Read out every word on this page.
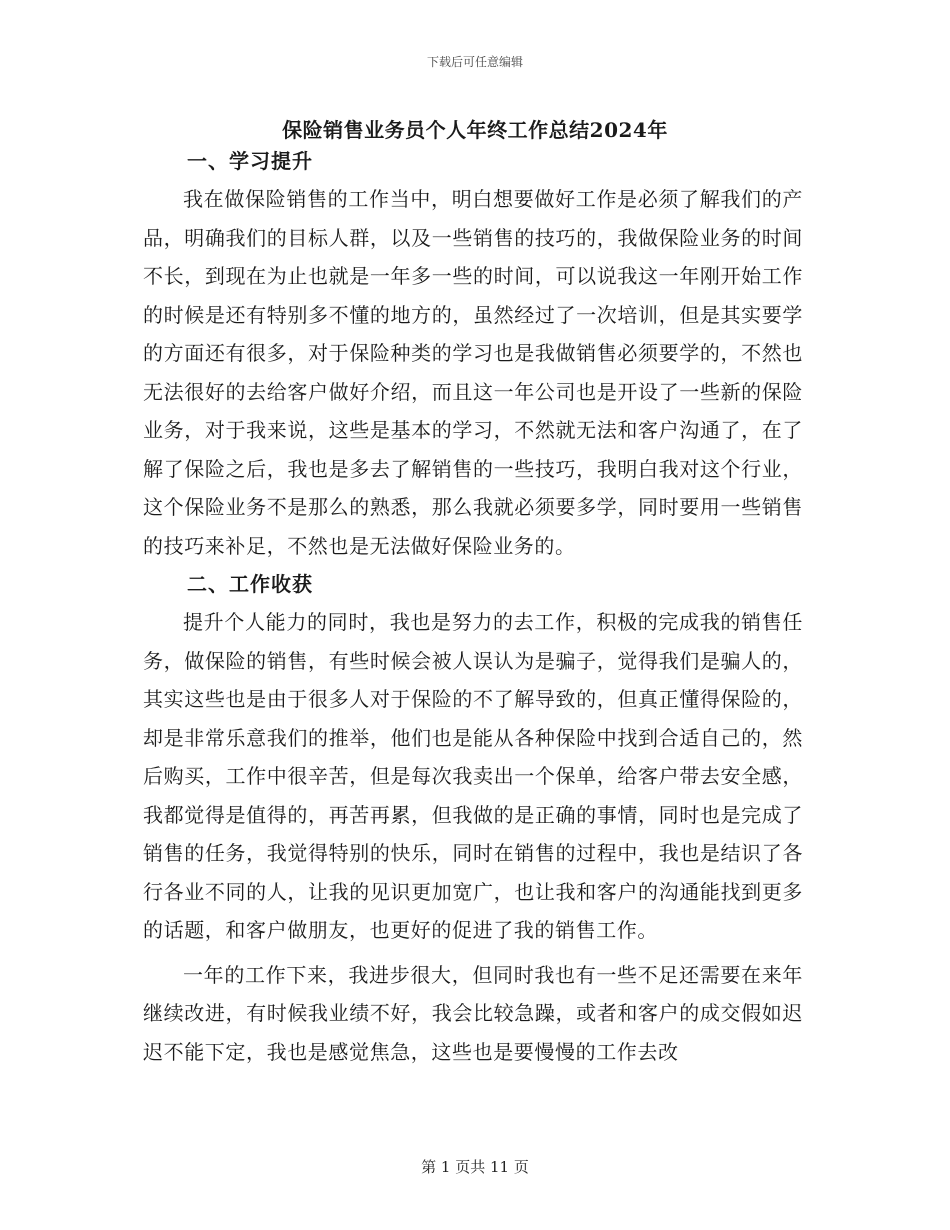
下载后可任意编辑
保险销售业务员个人年终工作总结2024年

一、学习提升

我在做保险销售的工作当中，明白想要做好工作是必须了解我们的产品，明确我们的目标人群，以及一些销售的技巧的，我做保险业务的时间不长，到现在为止也就是一年多一些的时间，可以说我这一年刚开始工作的时候是还有特别多不懂的地方的，虽然经过了一次培训，但是其实要学的方面还有很多，对于保险种类的学习也是我做销售必须要学的，不然也无法很好的去给客户做好介绍，而且这一年公司也是开设了一些新的保险业务，对于我来说，这些是基本的学习，不然就无法和客户沟通了，在了解了保险之后，我也是多去了解销售的一些技巧，我明白我对这个行业，这个保险业务不是那么的熟悉，那么我就必须要多学，同时要用一些销售的技巧来补足，不然也是无法做好保险业务的。

二、工作收获

提升个人能力的同时，我也是努力的去工作，积极的完成我的销售任务，做保险的销售，有些时候会被人误认为是骗子，觉得我们是骗人的，其实这些也是由于很多人对于保险的不了解导致的，但真正懂得保险的，却是非常乐意我们的推举，他们也是能从各种保险中找到合适自己的，然后购买，工作中很辛苦，但是每次我卖出一个保单，给客户带去安全感，我都觉得是值得的，再苦再累，但我做的是正确的事情，同时也是完成了销售的任务，我觉得特别的快乐，同时在销售的过程中，我也是结识了各行各业不同的人，让我的见识更加宽广，也让我和客户的沟通能找到更多的话题，和客户做朋友，也更好的促进了我的销售工作。

一年的工作下来，我进步很大，但同时我也有一些不足还需要在来年继续改进，有时候我业绩不好，我会比较急躁，或者和客户的成交假如迟迟不能下定，我也是感觉焦急，这些也是要慢慢的工作去改

第 1 页共 11 页
